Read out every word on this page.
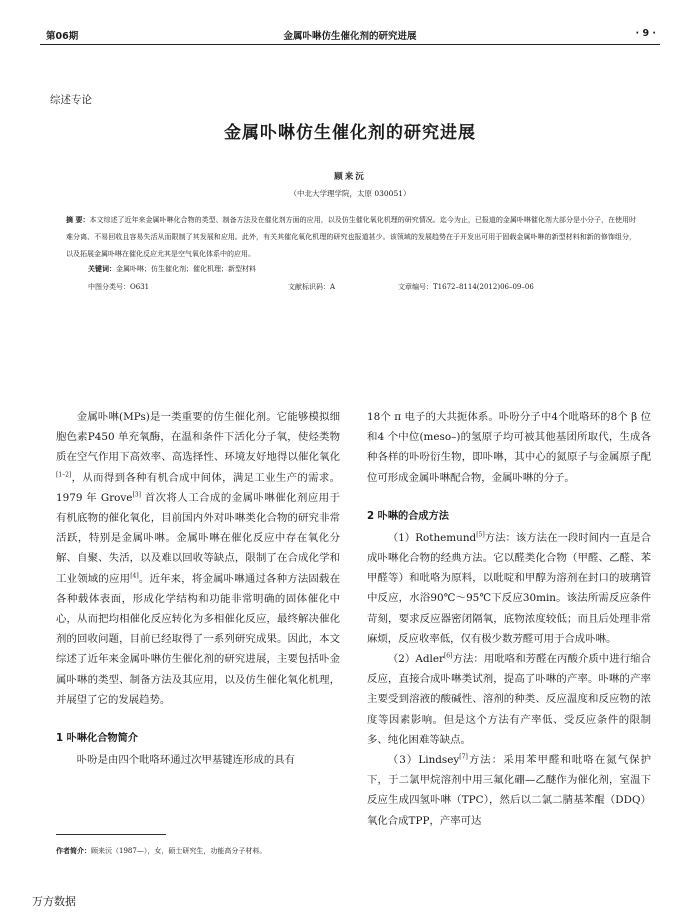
第06期	金属卟啉仿生催化剂的研究进展	· 9 ·
综述专论
金属卟啉仿生催化剂的研究进展
顾来沅
（中北大学理学院，太原 030051）
摘 要：本文综述了近年来金属卟啉化合物的类型、制备方法及在催化剂方面的应用，以及仿生催化氧化机理的研究情况。迄今为止，已报道的金属卟啉催化剂大部分是小分子，在使用时难分离、不易回收且容易失活从而限制了其发展和应用。此外，有关其催化氧化机理的研究也报道甚少。该领域的发展趋势在于开发出可用于固载金属卟啉的新型材料和新的修饰组分，以及拓展金属卟啉在催化反应尤其是空气氧化体系中的应用。
关键词：金属卟啉；仿生催化剂；催化机理；新型材料
中图分类号：O631	文献标识码：A	文章编号：T1672–8114(2012)06–09–06

金属卟啉(MPs)是一类重要的仿生催化剂。它能够模拟细胞色素P450 单充氧酶，在温和条件下活化分子氧，使烃类物质在空气作用下高效率、高选择性、环境友好地得以催化氧化[1–2]，从而得到各种有机合成中间体，满足工业生产的需求。1979 年 Grove[3] 首次将人工合成的金属卟啉催化剂应用于有机底物的催化氧化，目前国内外对卟啉类化合物的研究非常活跃，特别是金属卟啉。金属卟啉在催化反应中存在氧化分解、自聚、失活，以及难以回收等缺点，限制了在合成化学和工业领域的应用[4]。近年来，将金属卟啉通过各种方法固载在各种载体表面，形成化学结构和功能非常明确的固体催化中心，从而把均相催化反应转化为多相催化反应，最终解决催化剂的回收问题，目前已经取得了一系列研究成果。因此，本文综述了近年来金属卟啉仿生催化剂的研究进展，主要包括卟金属卟啉的类型、制备方法及其应用，以及仿生催化氧化机理，并展望了它的发展趋势。

1 卟啉化合物简介

卟吩是由四个吡咯环通过次甲基键连形成的具有

18个 π 电子的大共扼体系。卟吩分子中4个吡咯环的8个 β 位和4 个中位(meso–)的氢原子均可被其他基团所取代，生成各种各样的卟吩衍生物，即卟啉，其中心的氮原子与金属原子配位可形成金属卟啉配合物，金属卟啉的分子。

2 卟啉的合成方法

（1）Rothemund[5]方法：该方法在一段时间内一直是合成卟啉化合物的经典方法。它以醛类化合物（甲醛、乙醛、苯甲醛等）和吡咯为原料，以吡啶和甲醇为溶剂在封口的玻璃管中反应，水浴90℃～95℃下反应30min。该法所需反应条件苛刻，要求反应器密闭隔氧，底物浓度较低；而且后处理非常麻烦，反应收率低，仅有极少数芳醛可用于合成卟啉。

（2）Adler[6]方法：用吡咯和芳醛在丙酸介质中进行缩合反应，直接合成卟啉类试剂，提高了卟啉的产率。卟啉的产率主要受到溶液的酸碱性、溶剂的种类、反应温度和反应物的浓度等因素影响。但是这个方法有产率低、受反应条件的限制多、纯化困难等缺点。

（3）Lindsey[7]方法：采用苯甲醛和吡咯在氮气保护下，于二氯甲烷溶剂中用三氟化硼—乙醚作为催化剂，室温下反应生成四氢卟啉（TPC），然后以二氯二腈基苯醌（DDQ）氧化合成TPP，产率可达

作者简介：顾来沅（1987—），女，硕士研究生，功能高分子材料。
万方数据
